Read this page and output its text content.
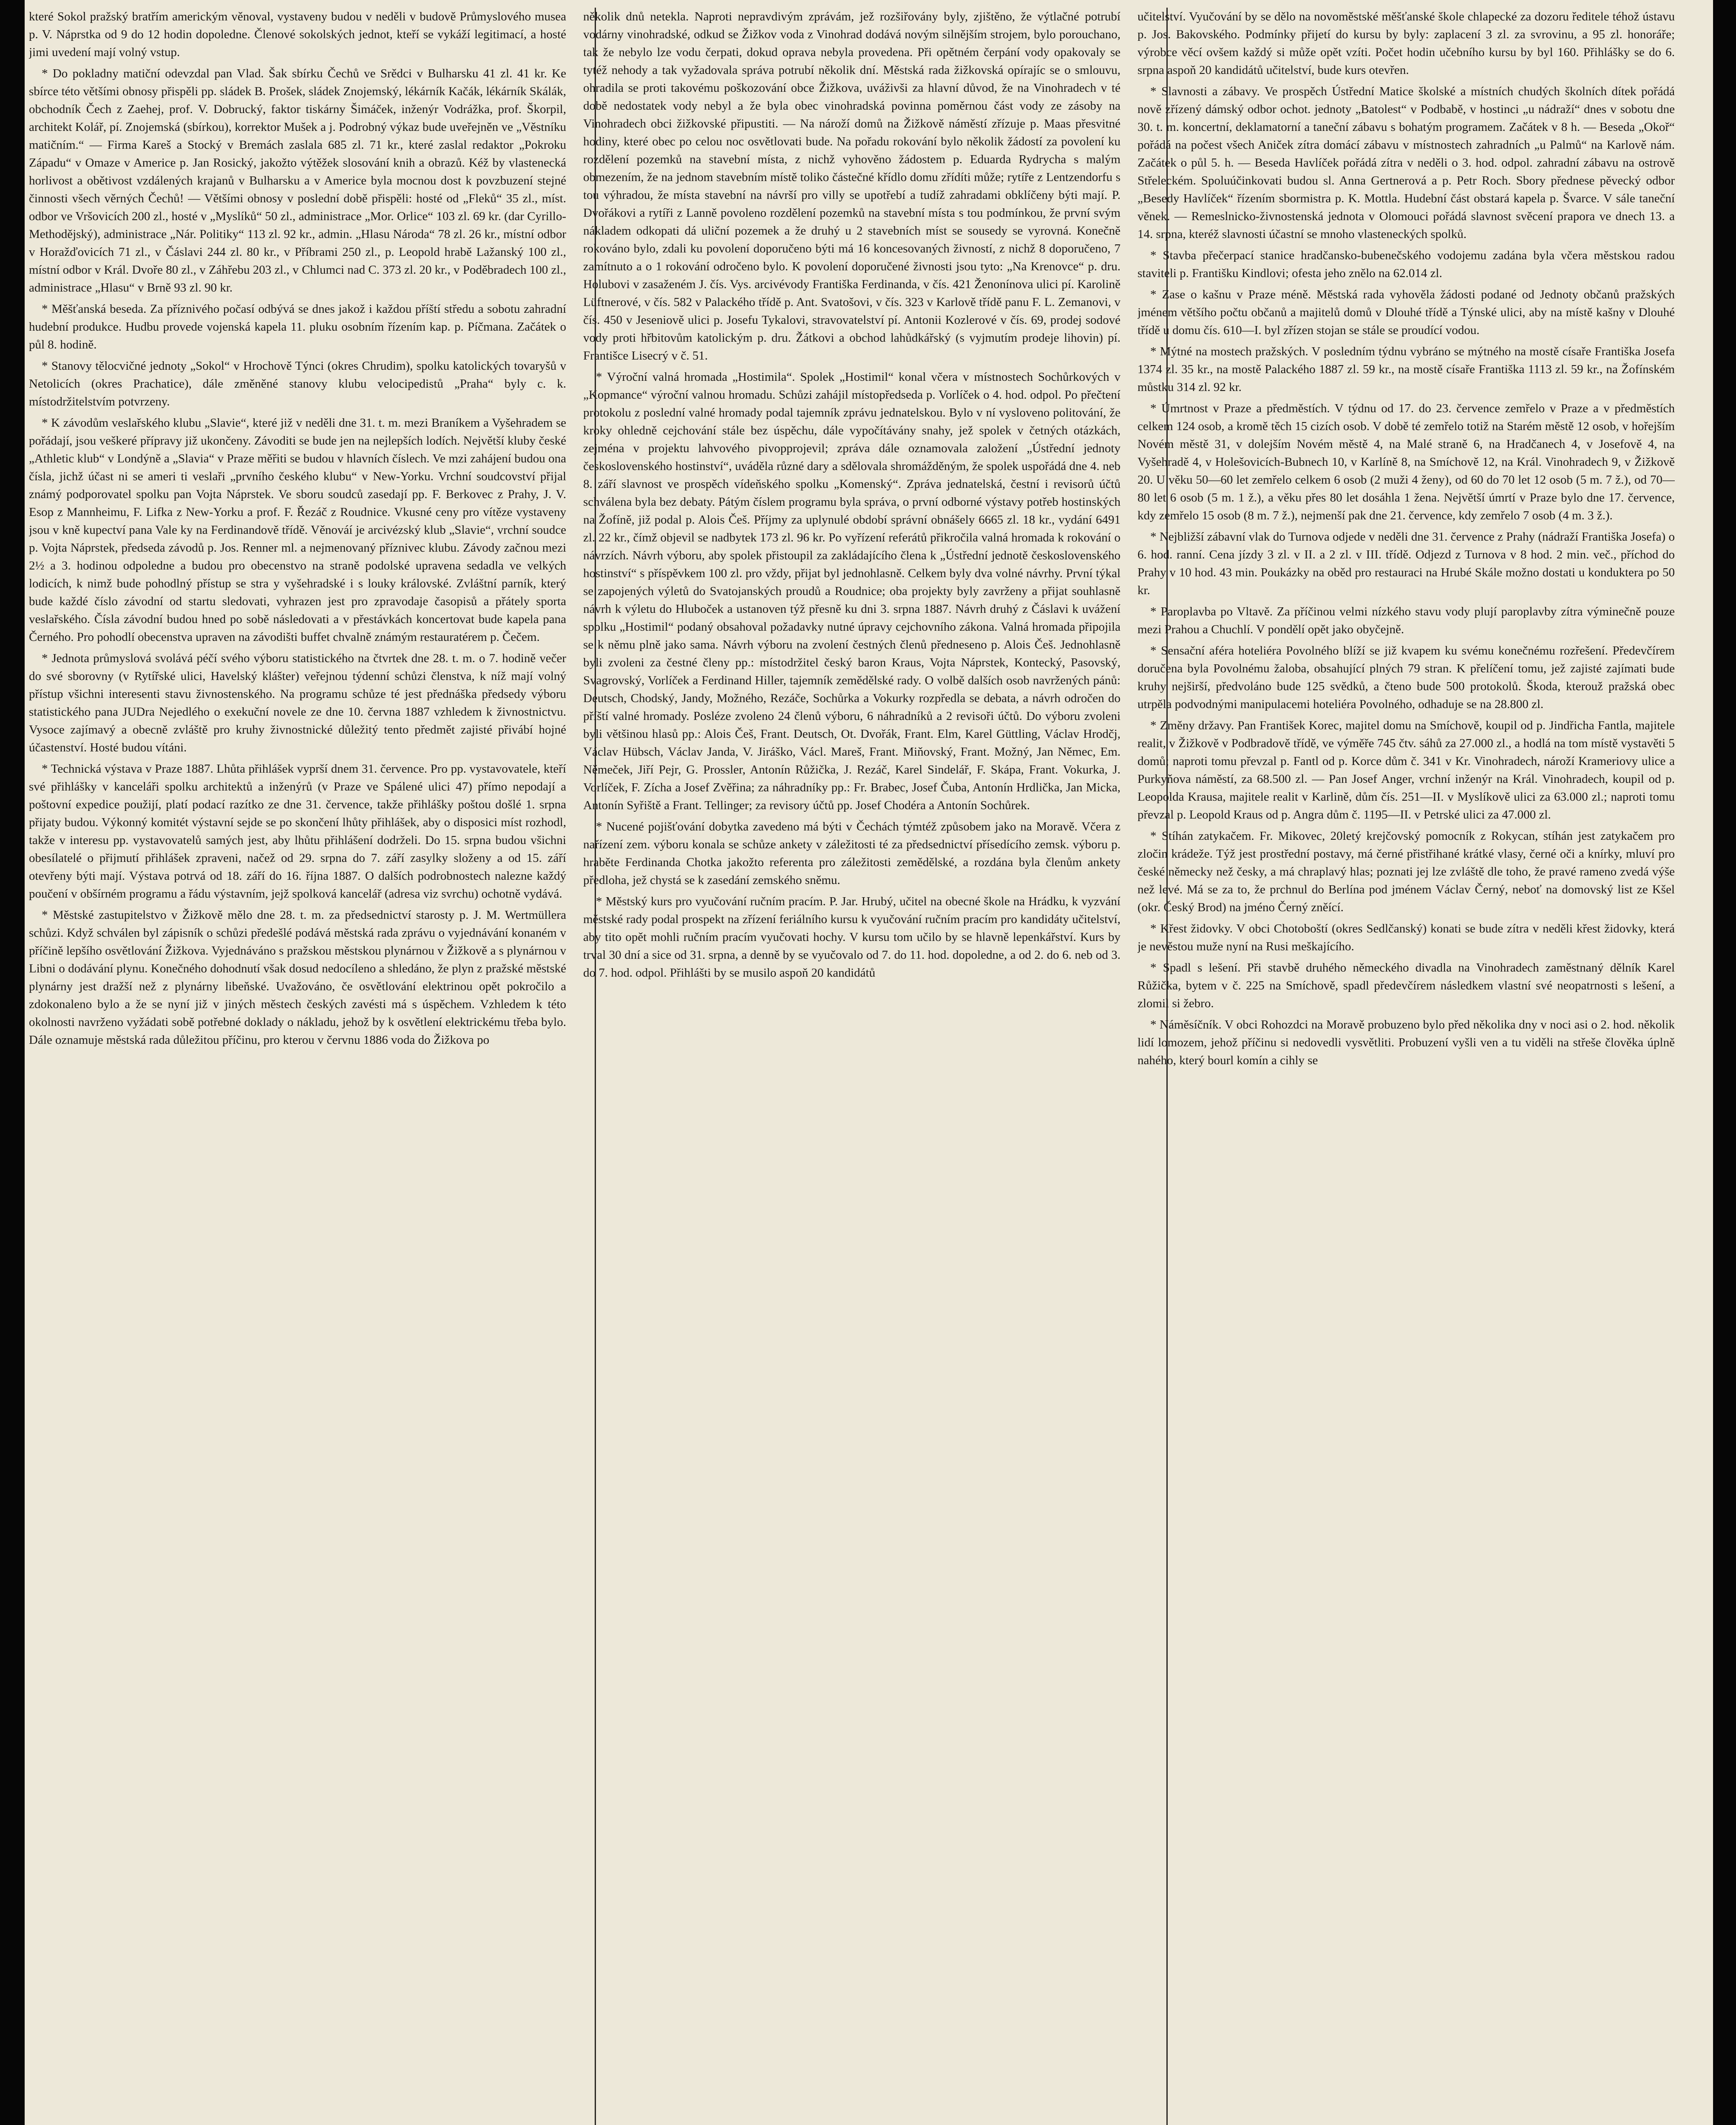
které Sokol pražský bratřím americkým věnoval, vystaveny budou v neděli v budově Průmyslového musea p. V. Náprstka od 9 do 12 hodin dopoledne. Členové sokolských jednot, kteří se vykáží legitimací, a hosté jimi uvedení mají volný vstup.

* Do pokladny matiční odevzdal pan Vlad. Šak sbírku Čechů ve Srědci v Bulharsku 41 zl. 41 kr. Ke sbírce této většími obnosy přispěli pp. sládek B. Prošek, sládek Znojemský, lékárník Kačák, lékárník Skálák, obchodník Čech z Zaehej, prof. V. Dobrucký, faktor tiskárny Šimáček, inženýr Vodrážka, prof. Škorpil, architekt Kolář, pí. Znojemská (sbírkou), korrektor Mušek a j. Podrobný výkaz bude uveřejněn ve „Věstníku matičním.“ — Firma Kareš a Stocký v Bremách zaslala 685 zl. 71 kr., které zaslal redaktor „Pokroku Západu“ v Omaze v Americe p. Jan Rosický, jakožto výtěžek slosování knih a obrazů. Kéž by vlastenecká horlivost a obětivost vzdálených krajanů v Bulharsku a v Americe byla mocnou dost k povzbuzení stejné činnosti všech věrných Čechů! — Většími obnosy v poslední době přispěli: hosté od „Fleků“ 35 zl., míst. odbor ve Vršovicích 200 zl., hosté v „Myslíků“ 50 zl., administrace „Mor. Orlice“ 103 zl. 69 kr. (dar Cyrillo-Methodějský), administrace „Nár. Politiky“ 113 zl. 92 kr., admin. „Hlasu Národa“ 78 zl. 26 kr., místní odbor v Horažďovicích 71 zl., v Čáslavi 244 zl. 80 kr., v Příbrami 250 zl., p. Leopold hrabě Lažanský 100 zl., místní odbor v Král. Dvoře 80 zl., v Záhřebu 203 zl., v Chlumci nad C. 373 zl. 20 kr., v Poděbradech 100 zl., administrace „Hlasu“ v Brně 93 zl. 90 kr.

* Měšťanská beseda. Za příznivého počasí odbývá se dnes jakož i každou příští středu a sobotu zahradní hudební produkce. Hudbu provede vojenská kapela 11. pluku osobním řízením kap. p. Píčmana. Začátek o půl 8. hodině.

* Stanovy tělocvičné jednoty „Sokol“ v Hrochově Týnci (okres Chrudim), spolku katolických tovaryšů v Netolicích (okres Prachatice), dále změněné stanovy klubu velocipedistů „Praha“ byly c. k. místodržitelstvím potvrzeny.

* K závodům veslařského klubu „Slavie“, které již v neděli dne 31. t. m. mezi Braníkem a Vyšehradem se pořádají, jsou veškeré přípravy již ukončeny. Závoditi se bude jen na nejlepších lodích. Největší kluby české „Athletic klub“ v Londýně a „Slavia“ v Praze měřiti se budou v hlavních číslech. Ve mzi zahájení budou ona čísla, jichž účast ni se ameri ti veslaři „prvního českého klubu“ v New-Yorku. Vrchní soudcovství přijal známý podporovatel spolku pan Vojta Náprstek. Ve sboru soudců zasedají pp. F. Berkovec z Prahy, J. V. Esop z Mannheimu, F. Lifka z New-Yorku a prof. F. Řezáč z Roudnice. Vkusné ceny pro vítěze vystaveny jsou v kně kupectví pana Vale ky na Ferdinandově třídě. Věnováí je arcivézský klub „Slavie“, vrchní soudce p. Vojta Náprstek, předseda závodů p. Jos. Renner ml. a nejmenovaný příznivec klubu. Závody začnou mezi 2½ a 3. hodinou odpoledne a budou pro obecenstvo na straně podolské upravena sedadla ve velkých lodicích, k nimž bude pohodlný přístup se stra y vyšehradské i s louky královské. Zvláštní parník, který bude každé číslo závodní od startu sledovati, vyhrazen jest pro zpravodaje časopisů a přátely sporta veslařského. Čísla závodní budou hned po sobě následovati a v přestávkách koncertovat bude kapela pana Černého. Pro pohodlí obecenstva upraven na závodišti buffet chvalně známým restauratérem p. Čečem.

* Jednota průmyslová svolává péčí svého výboru statistického na čtvrtek dne 28. t. m. o 7. hodině večer do své sborovny (v Rytířské ulici, Havelský klášter) veřejnou týdenní schůzi členstva, k níž mají volný přístup všichni interesenti stavu živnostenského. Na programu schůze té jest přednáška předsedy výboru statistického pana JUDra Nejedlého o exekuční novele ze dne 10. června 1887 vzhledem k živnostnictvu. Vysoce zajímavý a obecně zvláště pro kruhy živnostnické důležitý tento předmět zajisté přivábí hojné účastenství. Hosté budou vítáni.

* Technická výstava v Praze 1887. Lhůta přihlášek vyprší dnem 31. července. Pro pp. vystavovatele, kteří své přihlášky v kanceláři spolku architektů a inženýrů (v Praze ve Spálené ulici 47) přímo nepodají a poštovní expedice použijí, platí podací razítko ze dne 31. července, takže přihlášky poštou došlé 1. srpna přijaty budou. Výkonný komitét výstavní sejde se po skončení lhůty přihlášek, aby o disposici míst rozhodl, takže v interesu pp. vystavovatelů samých jest, aby lhůtu přihlášení dodrželi. Do 15. srpna budou všichni obesílatelé o přijmutí přihlášek zpraveni, načež od 29. srpna do 7. září zasylky složeny a od 15. září otevřeny býti mají. Výstava potrvá od 18. září do 16. října 1887. O dalších podrobnostech nalezne každý poučení v obšírném programu a řádu výstavním, jejž spolková kancelář (adresa viz svrchu) ochotně vydává.

* Městské zastupitelstvo v Žižkově mělo dne 28. t. m. za předsednictví starosty p. J. M. Wertmüllera schůzi. Když schválen byl zápisník o schůzi předešlé podává městská rada zprávu o vyjednávání konaném v příčině lepšího osvětlování Žižkova. Vyjednáváno s pražskou městskou plynárnou v Žižkově a s plynárnou v Libni o dodávání plynu. Konečného dohodnutí však dosud nedocíleno a shledáno, že plyn z pražské městské plynárny jest dražší než z plynárny libeňské. Uvažováno, če osvětlování elektrinou opět pokročilo a zdokonaleno bylo a že se nyní již v jiných městech českých zavésti má s úspěchem. Vzhledem k této okolnosti navrženo vyžádati sobě potřebné doklady o nákladu, jehož by k osvětlení elektrickému třeba bylo. Dále oznamuje městská rada důležitou příčinu, pro kterou v červnu 1886 voda do Žižkova po

několik dnů netekla. Naproti nepravdivým zprávám, jež rozšiřovány byly, zjištěno, že výtlačné potrubí vodárny vinohradské, odkud se Žižkov voda z Vinohrad dodává novým silnějším strojem, bylo porouchano, tak že nebylo lze vodu čerpati, dokud oprava nebyla provedena. Při opětném čerpání vody opakovaly se tytéž nehody a tak vyžadovala správa potrubí několik dní. Městská rada žižkovská opírajíc se o smlouvu, ohradila se proti takovému poškozování obce Žižkova, uváživši za hlavní důvod, že na Vinohradech v té době nedostatek vody nebyl a že byla obec vinohradská povinna poměrnou část vody ze zásoby na Vinohradech obci žižkovské připustiti. — Na nároží domů na Žižkově náměstí zřízuje p. Maas přesvitné hodiny, které obec po celou noc osvětlovati bude. Na pořadu rokování bylo několik žádostí za povolení ku rozdělení pozemků na stavební místa, z nichž vyhověno žádostem p. Eduarda Rydrycha s malým obmezením, že na jednom stavebním místě toliko částečné křídlo domu zřídíti může; rytíře z Lentzendorfu s tou výhradou, že místa stavební na návrší pro villy se upotřebí a tudíž zahradami obklíčeny býti mají. P. Dvořákovi a rytíři z Lanně povoleno rozdělení pozemků na stavební místa s tou podmínkou, že první svým nákladem odkopati dá uliční pozemek a že druhý u 2 stavebních míst se sousedy se vyrovná. Konečně rokováno bylo, zdali ku povolení doporučeno býti má 16 koncesovaných živností, z nichž 8 doporučeno, 7 zamítnuto a o 1 rokování odročeno bylo. K povolení doporučené živnosti jsou tyto: „Na Krenovce“ p. dru. Holubovi v zasaženém J. čís. Vys. arcivévody Františka Ferdinanda, v čís. 421 Ženonínova ulici pí. Karolině Lüftnerové, v čís. 582 v Palackého třídě p. Ant. Svatošovi, v čís. 323 v Karlově třídě panu F. L. Zemanovi, v čís. 450 v Jeseniově ulici p. Josefu Tykalovi, stravovatelství pí. Antonii Kozlerové v čís. 69, prodej sodové vody proti hřbitovům katolickým p. dru. Žátkovi a obchod lahůdkářský (s vyjmutím prodeje lihovin) pí. Františce Lisecrý v č. 51.

* Výroční valná hromada „Hostimila“. Spolek „Hostimil“ konal včera v místnostech Sochůrkových v „Kopmance“ výroční valnou hromadu. Schůzi zahájil místopředseda p. Vorlíček o 4. hod. odpol. Po přečtení protokolu z poslední valné hromady podal tajemník zprávu jednatelskou. Bylo v ní vysloveno politování, že kroky ohledně cejchování stále bez úspěchu, dále vypočítávány snahy, jež spolek v četných otázkách, zejména v projektu lahvového pivopprojevil; zpráva dále oznamovala založení „Ústřední jednoty československého hostinství“, uváděla různé dary a sdělovala shromážděným, že spolek uspořádá dne 4. neb 8. září slavnost ve prospěch vídeňského spolku „Komenský“. Zpráva jednatelská, čestní i revisorů účtů schválena byla bez debaty. Pátým číslem programu byla správa, o první odborné výstavy potřeb hostinských na Žofíně, již podal p. Alois Češ. Příjmy za uplynulé období správní obnášely 6665 zl. 18 kr., vydání 6491 zl. 22 kr., čímž objevil se nadbytek 173 zl. 96 kr. Po vyřízení referátů přikročila valná hromada k rokování o návrzích. Návrh výboru, aby spolek přistoupil za zakládajícího člena k „Ústřední jednotě československého hostinství“ s příspěvkem 100 zl. pro vždy, přijat byl jednohlasně. Celkem byly dva volné návrhy. První týkal se zapojených výletů do Svatojanských proudů a Roudnice; oba projekty byly zavrženy a přijat souhlasně návrh k výletu do Hluboček a ustanoven týž přesně ku dni 3. srpna 1887. Návrh druhý z Čáslavi k uvážení spolku „Hostimil“ podaný obsahoval požadavky nutné úpravy cejchovního zákona. Valná hromada připojila se k němu plně jako sama. Návrh výboru na zvolení čestných členů předneseno p. Alois Češ. Jednohlasně byli zvoleni za čestné členy pp.: místodržitel český baron Kraus, Vojta Náprstek, Kontecký, Pasovský, Svagrovský, Vorlíček a Ferdinand Hiller, tajemník zemědělské rady. O volbě dalších osob navržených pánů: Deutsch, Chodský, Jandy, Možného, Rezáče, Sochůrka a Vokurky rozpředla se debata, a návrh odročen do příští valné hromady. Posléze zvoleno 24 členů výboru, 6 náhradníků a 2 revisoři účtů. Do výboru zvoleni byli většinou hlasů pp.: Alois Češ, Frant. Deutsch, Ot. Dvořák, Frant. Elm, Karel Güttling, Václav Hrodčj, Václav Hübsch, Václav Janda, V. Jiráško, Václ. Mareš, Frant. Miňovský, Frant. Možný, Jan Němec, Em. Němeček, Jiří Pejr, G. Prossler, Antonín Růžička, J. Rezáč, Karel Sindelář, F. Skápa, Frant. Vokurka, J. Vorlíček, F. Zícha a Josef Zvěřina; za náhradníky pp.: Fr. Brabec, Josef Čuba, Antonín Hrdlička, Jan Micka, Antonín Syřiště a Frant. Tellinger; za revisory účtů pp. Josef Chodéra a Antonín Sochůrek.

* Nucené pojišťování dobytka zavedeno má býti v Čechách týmtéž způsobem jako na Moravě. Včera z nařízení zem. výboru konala se schůze ankety v záležitosti té za předsednictví přísedícího zemsk. výboru p. hraběte Ferdinanda Chotka jakožto referenta pro záležitosti zemědělské, a rozdána byla členům ankety předloha, jež chystá se k zasedání zemského sněmu.

* Městský kurs pro vyučování ručním pracím. P. Jar. Hrubý, učitel na obecné škole na Hrádku, k vyzvání městské rady podal prospekt na zřízení feriálního kursu k vyučování ručním pracím pro kandidáty učitelství, aby tito opět mohli ručním pracím vyučovati hochy. V kursu tom učilo by se hlavně lepenkářství. Kurs by trval 30 dní a sice od 31. srpna, a denně by se vyučovalo od 7. do 11. hod. dopoledne, a od 2. do 6. neb od 3. do 7. hod. odpol. Přihlášti by se musilo aspoň 20 kandidátů

učitelství. Vyučování by se dělo na novoměstské měšťanské škole chlapecké za dozoru ředitele téhož ústavu p. Jos. Bakovského. Podmínky přijetí do kursu by byly: zaplacení 3 zl. za svrovinu, a 95 zl. honoráře; výrobce věcí ovšem každý si může opět vzíti. Počet hodin učebního kursu by byl 160. Přihlášky se do 6. srpna aspoň 20 kandidátů učitelství, bude kurs otevřen.

* Slavnosti a zábavy. Ve prospěch Ústřední Matice školské a místních chudých školních dítek pořádá nově zřízený dámský odbor ochot. jednoty „Batolest“ v Podbabě, v hostinci „u nádraží“ dnes v sobotu dne 30. t. m. koncertní, deklamatorní a taneční zábavu s bohatým programem. Začátek v 8 h. — Beseda „Okoř“ pořádá na počest všech Aniček zítra domácí zábavu v místnostech zahradních „u Palmů“ na Karlově nám. Začátek o půl 5. h. — Beseda Havlíček pořádá zítra v neděli o 3. hod. odpol. zahradní zábavu na ostrově Střeleckém. Spoluúčinkovati budou sl. Anna Gertnerová a p. Petr Roch. Sbory přednese pěvecký odbor „Besedy Havlíček“ řízením sbormistra p. K. Mottla. Hudební část obstará kapela p. Švarce. V sále taneční věnek. — Remeslnicko-živnostenská jednota v Olomouci pořádá slavnost svěcení prapora ve dnech 13. a 14. srpna, kteréž slavnosti účastní se mnoho vlasteneckých spolků.

* Stavba přečerpací stanice hradčansko-bubenečského vodojemu zadána byla včera městskou radou staviteli p. Františku Kindlovi; ofesta jeho znělo na 62.014 zl.

* Zase o kašnu v Praze méně. Městská rada vyhověla žádosti podané od Jednoty občanů pražských jménem většího počtu občanů a majitelů domů v Dlouhé třídě a Týnské ulici, aby na místě kašny v Dlouhé třídě u domu čís. 610—I. byl zřízen stojan se stále se proudící vodou.

* Mýtné na mostech pražských. V posledním týdnu vybráno se mýtného na mostě císaře Františka Josefa 1374 zl. 35 kr., na mostě Palackého 1887 zl. 59 kr., na mostě císaře Františka 1113 zl. 59 kr., na Žofínském můstku 314 zl. 92 kr.

* Úmrtnost v Praze a předměstích. V týdnu od 17. do 23. července zemřelo v Praze a v předměstích celkem 124 osob, a kromě těch 15 cizích osob. V době té zemřelo totiž na Starém městě 12 osob, v hořejším Novém městě 31, v dolejším Novém městě 4, na Malé straně 6, na Hradčanech 4, v Josefově 4, na Vyšehradě 4, v Holešovicích-Bubnech 10, v Karlíně 8, na Smíchově 12, na Král. Vinohradech 9, v Žižkově 20. U věku 50—60 let zemřelo celkem 6 osob (2 muži 4 ženy), od 60 do 70 let 12 osob (5 m. 7 ž.), od 70—80 let 6 osob (5 m. 1 ž.), a věku přes 80 let dosáhla 1 žena. Největší úmrtí v Praze bylo dne 17. července, kdy zemřelo 15 osob (8 m. 7 ž.), nejmenší pak dne 21. července, kdy zemřelo 7 osob (4 m. 3 ž.).

* Nejbližší zábavní vlak do Turnova odjede v neděli dne 31. července z Prahy (nádraží Františka Josefa) o 6. hod. ranní. Cena jízdy 3 zl. v II. a 2 zl. v III. třídě. Odjezd z Turnova v 8 hod. 2 min. več., příchod do Prahy v 10 hod. 43 min. Poukázky na oběd pro restauraci na Hrubé Skále možno dostati u konduktera po 50 kr.

* Paroplavba po Vltavě. Za příčinou velmi nízkého stavu vody plují paroplavby zítra výminečně pouze mezi Prahou a Chuchlí. V pondělí opět jako obyčejně.

* Sensační aféra hoteliéra Povolného blíží se již kvapem ku svému konečnému rozřešení. Předevčírem doručena byla Povolnému žaloba, obsahující plných 79 stran. K přelíčení tomu, jež zajisté zajímati bude kruhy nejširší, předvoláno bude 125 svědků, a čteno bude 500 protokolů. Škoda, kterouž pražská obec utrpěla podvodnými manipulacemi hoteliéra Povolného, odhaduje se na 28.800 zl.

* Změny državy. Pan František Korec, majitel domu na Smíchově, koupil od p. Jindřicha Fantla, majitele realit, v Žižkově v Podbradově třídě, ve výměře 745 čtv. sáhů za 27.000 zl., a hodlá na tom místě vystavěti 5 domů; naproti tomu převzal p. Fantl od p. Korce dům č. 341 v Kr. Vinohradech, nároží Krameriovy ulice a Purkyňova náměstí, za 68.500 zl. — Pan Josef Anger, vrchní inženýr na Král. Vinohradech, koupil od p. Leopolda Krausa, majitele realit v Karlině, dům čís. 251—II. v Myslíkově ulici za 63.000 zl.; naproti tomu převzal p. Leopold Kraus od p. Angra dům č. 1195—II. v Petrské ulici za 47.000 zl.

* Stíhán zatykačem. Fr. Mikovec, 20letý krejčovský pomocník z Rokycan, stíhán jest zatykačem pro zločin krádeže. Týž jest prostřední postavy, má černé přistřihané krátké vlasy, černé oči a knírky, mluví pro české německy než česky, a má chraplavý hlas; poznati jej lze zvláště dle toho, že pravé rameno zvedá výše než levé. Má se za to, že prchnul do Berlína pod jménem Václav Černý, neboť na domovský list ze Kšel (okr. Český Brod) na jméno Černý zněící.

* Křest židovky. V obci Chotoboští (okres Sedlčanský) konati se bude zítra v neděli křest židovky, která je nevěstou muže nyní na Rusi meškajícího.

* Spadl s lešení. Při stavbě druhého německého divadla na Vinohradech zaměstnaný dělník Karel Růžička, bytem v č. 225 na Smíchově, spadl předevčírem následkem vlastní své neopatrnosti s lešení, a zlomil si žebro.

* Náměsíčník. V obci Rohozdci na Moravě probuzeno bylo před několika dny v noci asi o 2. hod. několik lidí lomozem, jehož příčinu si nedovedli vysvětliti. Probuzení vyšli ven a tu viděli na střeše člověka úplně nahého, který bourl komín a cihly se
